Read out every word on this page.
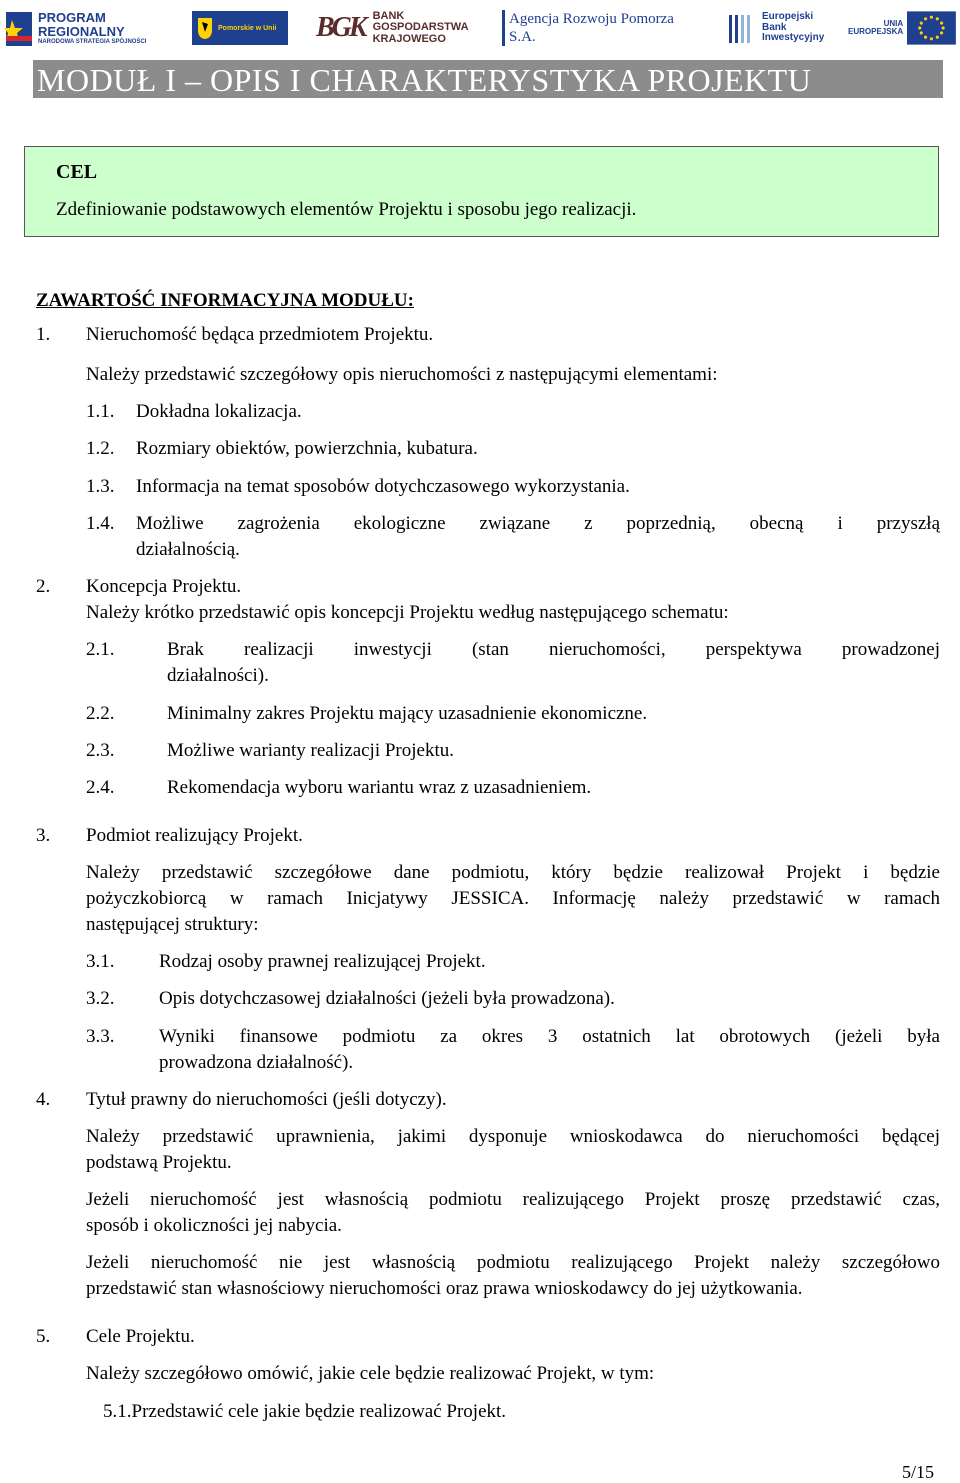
PROGRAM
REGIONALNY
NARODOWA STRATEGIA SPÓJNOŚCI
Pomorskie w Unii BGK BANK
GOSPODARSTWA
KRAJOWEGO
Agencja Rozwoju Pomorza S.A.
Europejski
Bank
Inwestycyjny
UNIA
EUROPEJSKA
MODUŁ I – OPIS I CHARAKTERYSTYKA PROJEKTU
CEL
Zdefiniowanie podstawowych elementów Projektu i sposobu jego realizacji.
ZAWARTOŚĆ INFORMACYJNA MODUŁU:
1. Nieruchomość będąca przedmiotem Projektu.
Należy przedstawić szczegółowy opis nieruchomości z następującymi elementami:
1.1. Dokładna lokalizacja.
1.2. Rozmiary obiektów, powierzchnia, kubatura.
1.3. Informacja na temat sposobów dotychczasowego wykorzystania.
1.4. Możliwe zagrożenia ekologiczne związane z poprzednią, obecną i przyszłą
działalnością.
2. Koncepcja Projektu.
Należy krótko przedstawić opis koncepcji Projektu według następującego schematu:
2.1.	Brak realizacji inwestycji (stan nieruchomości, perspektywa prowadzonej
działalności).
2.2.	Minimalny zakres Projektu mający uzasadnienie ekonomiczne.
2.3.	Możliwe warianty realizacji Projektu.
2.4.	Rekomendacja wyboru wariantu wraz z uzasadnieniem.
3. Podmiot realizujący Projekt.
Należy przedstawić szczegółowe dane podmiotu, który będzie realizował Projekt i będzie
pożyczkobiorcą w ramach Inicjatywy JESSICA. Informację należy przedstawić w ramach
następującej struktury:
3.1. Rodzaj osoby prawnej realizującej Projekt.
3.2. Opis dotychczasowej działalności (jeżeli była prowadzona).
3.3. Wyniki finansowe podmiotu za okres 3 ostatnich lat obrotowych (jeżeli była
prowadzona działalność).
4. Tytuł prawny do nieruchomości (jeśli dotyczy).
Należy przedstawić uprawnienia, jakimi dysponuje wnioskodawca do nieruchomości będącej
podstawą Projektu.
Jeżeli nieruchomość jest własnością podmiotu realizującego Projekt proszę przedstawić czas,
sposób i okoliczności jej nabycia.
Jeżeli nieruchomość nie jest własnością podmiotu realizującego Projekt należy szczegółowo
przedstawić stan własnościowy nieruchomości oraz prawa wnioskodawcy do jej użytkowania.
5. Cele Projektu.
Należy szczegółowo omówić, jakie cele będzie realizować Projekt, w tym:
5.1.Przedstawić cele jakie będzie realizować Projekt.
5/15
